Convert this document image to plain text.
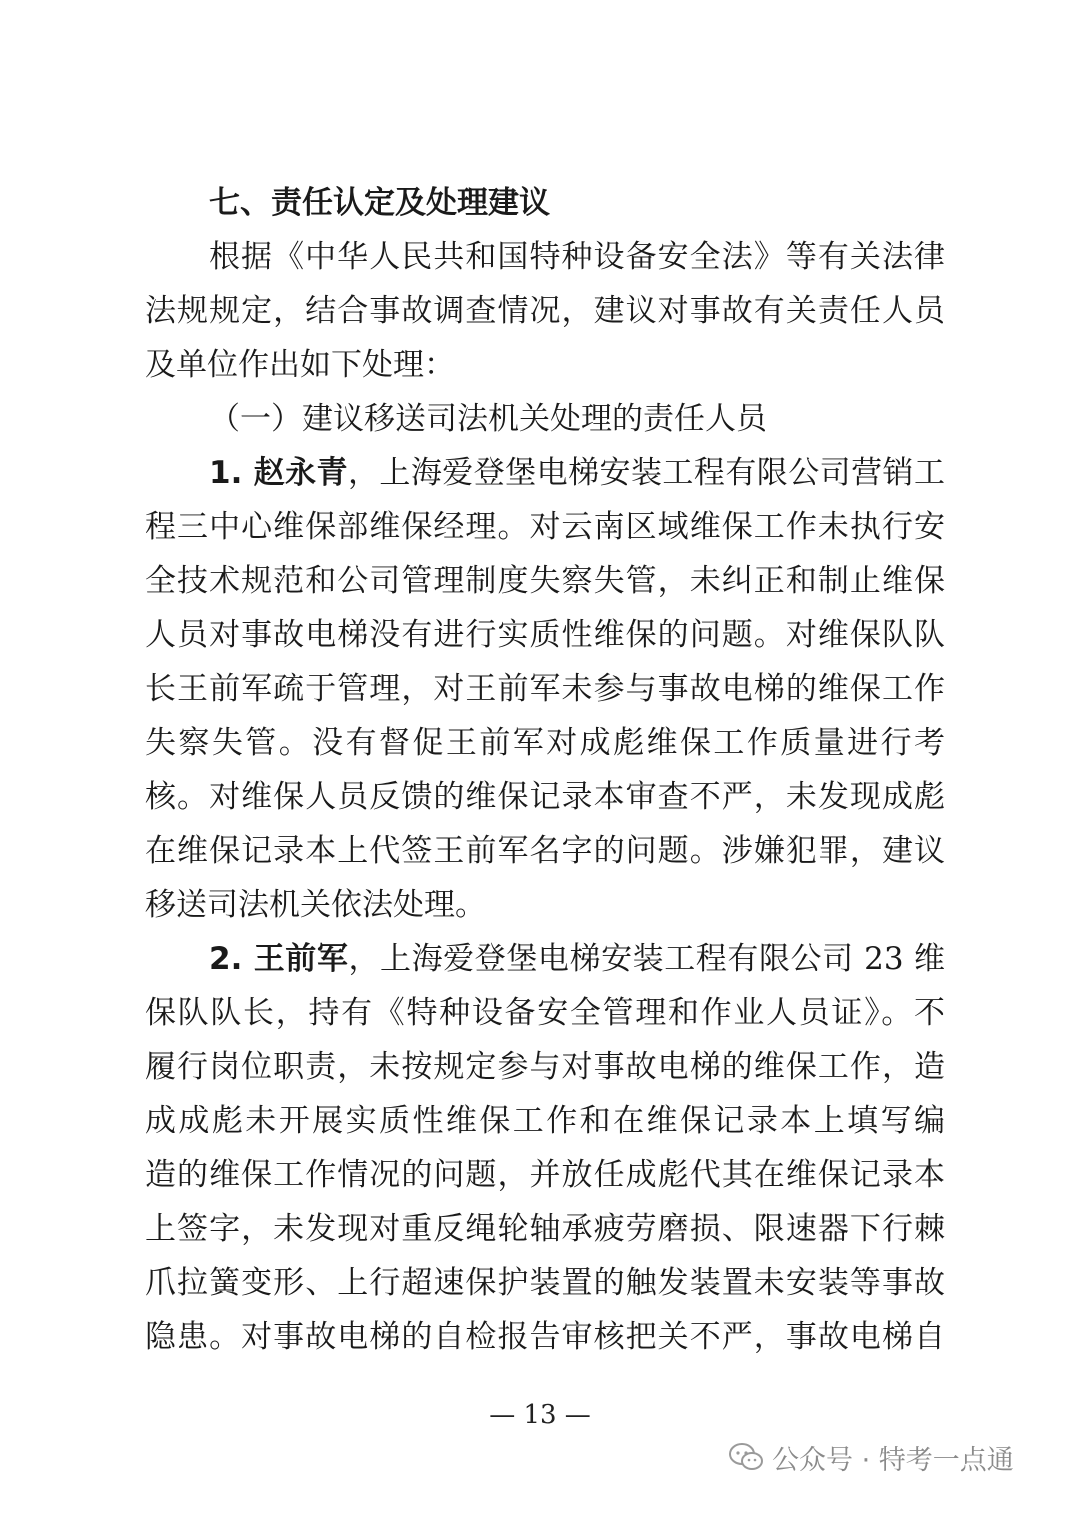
七、责任认定及处理建议
根据《中华人民共和国特种设备安全法》等有关法律
法规规定，结合事故调查情况，建议对事故有关责任人员
及单位作出如下处理：
（一）建议移送司法机关处理的责任人员
1. 赵永青，上海爱登堡电梯安装工程有限公司营销工
程三中心维保部维保经理。对云南区域维保工作未执行安
全技术规范和公司管理制度失察失管，未纠正和制止维保
人员对事故电梯没有进行实质性维保的问题。对维保队队
长王前军疏于管理，对王前军未参与事故电梯的维保工作
失察失管。没有督促王前军对成彪维保工作质量进行考
核。对维保人员反馈的维保记录本审查不严，未发现成彪
在维保记录本上代签王前军名字的问题。涉嫌犯罪，建议
移送司法机关依法处理。
2. 王前军，上海爱登堡电梯安装工程有限公司 23 维
保队队长，持有《特种设备安全管理和作业人员证》。不
履行岗位职责，未按规定参与对事故电梯的维保工作，造
成成彪未开展实质性维保工作和在维保记录本上填写编
造的维保工作情况的问题，并放任成彪代其在维保记录本
上签字，未发现对重反绳轮轴承疲劳磨损、限速器下行棘
爪拉簧变形、上行超速保护装置的触发装置未安装等事故
隐患。对事故电梯的自检报告审核把关不严，事故电梯自
— 13 —
公众号 · 特考一点通
